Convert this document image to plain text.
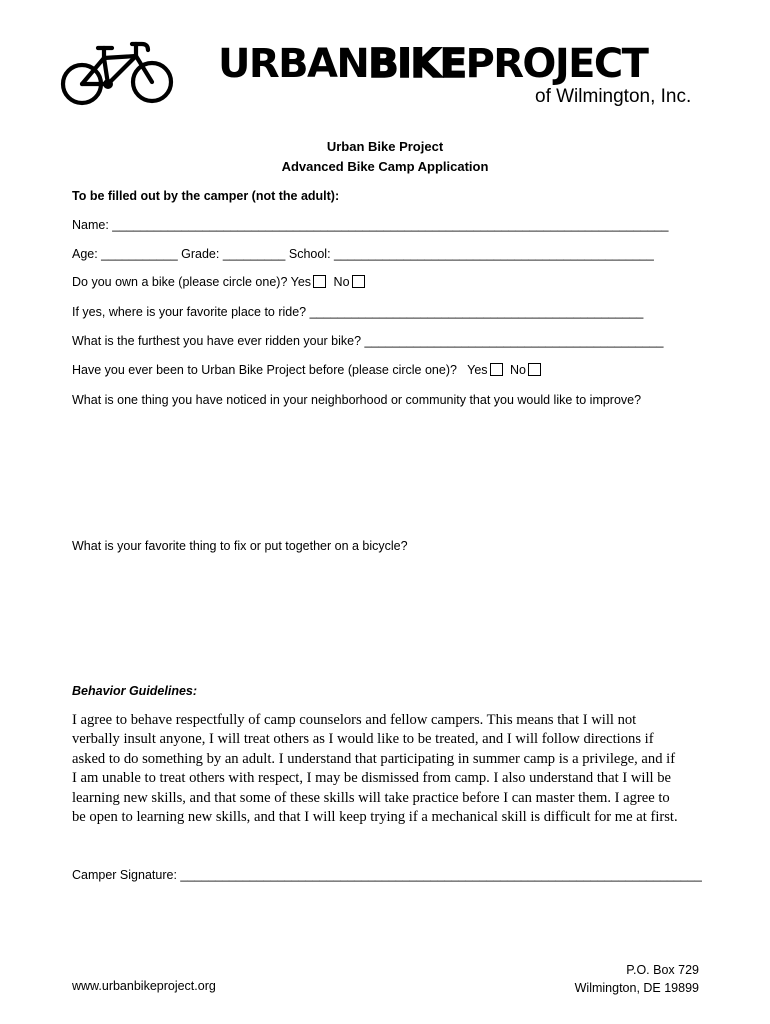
URBANBIKEPROJECT
of Wilmington, Inc.
Urban Bike Project
Advanced Bike Camp Application
To be filled out by the camper (not the adult):
Name: ________________________________________________________________________________
Age: ___________ Grade: _________ School: ______________________________________________
Do you own a bike (please circle one)? Yes No
If yes, where is your favorite place to ride? ________________________________________________
What is the furthest you have ever ridden your bike? ___________________________________________
Have you ever been to Urban Bike Project before (please circle one)? Yes No
What is one thing you have noticed in your neighborhood or community that you would like to improve?
What is your favorite thing to fix or put together on a bicycle?
Behavior Guidelines:
I agree to behave respectfully of camp counselors and fellow campers. This means that I will not
verbally insult anyone, I will treat others as I would like to be treated, and I will follow directions if
asked to do something by an adult. I understand that participating in summer camp is a privilege, and if
I am unable to treat others with respect, I may be dismissed from camp. I also understand that I will be
learning new skills, and that some of these skills will take practice before I can master them. I agree to
be open to learning new skills, and that I will keep trying if a mechanical skill is difficult for me at first.
Camper Signature: ___________________________________________________________________________
www.urbanbikeproject.org
P.O. Box 729
Wilmington, DE 19899
